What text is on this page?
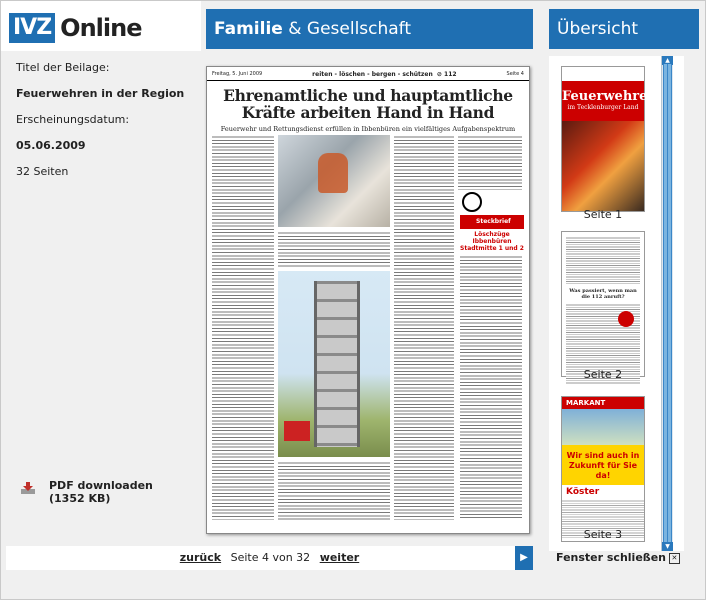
IVZ Online	Familie & Gesellschaft	Übersicht

Titel der Beilage:

Feuerwehren in der Region

Erscheinungsdatum:

05.06.2009

32 Seiten

PDF downloaden
(1352 KB)
Freitag, 5. Juni 2009	reiten - löschen - bergen - schützen  ⊘ 112	Seite 4
Ehrenamtliche und hauptamtliche
Kräfte arbeiten Hand in Hand
Feuerwehr und Rettungsdienst erfüllen in Ibbenbüren ein vielfältiges Aufgabenspektrum
Steckbrief
Löschzüge Ibbenbüren Stadtmitte 1 und 2
Feuerwehren
im Tecklenburger Land
Seite 1
Was passiert, wenn man die 112 anruft?
Seite 2
MARKANT
Wir sind auch in Zukunft für Sie da!
Köster
Seite 3
▲
▼
zurück Seite 4 von 32 weiter	▶	Fenster schließen ✕
